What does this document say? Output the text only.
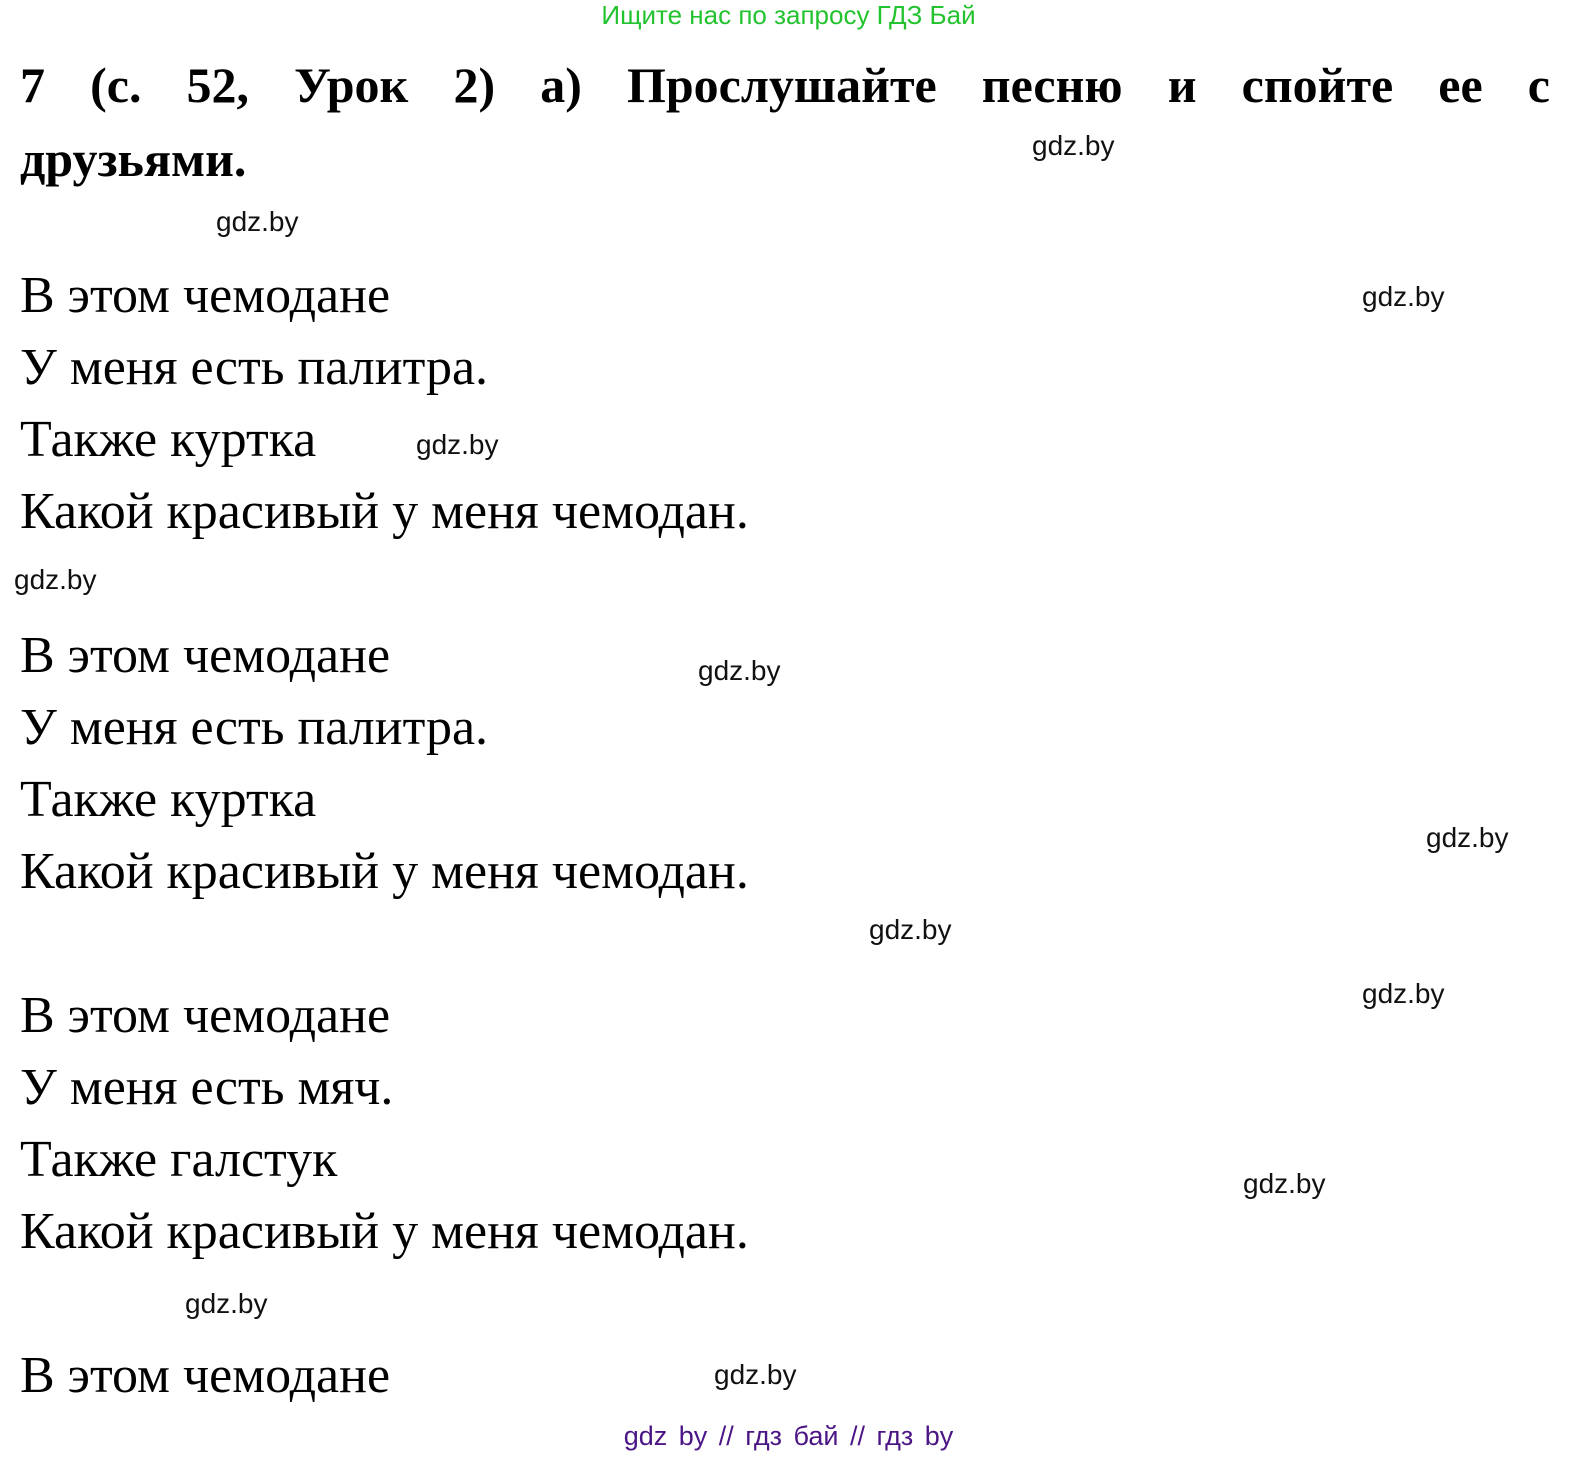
Ищите нас по запросу ГДЗ Бай
7 (с. 52, Урок 2) а) Прослушайте песню и спойте ее с
друзьями.
В этом чемодане
У меня есть палитра.
Также куртка
Какой красивый у меня чемодан.
В этом чемодане
У меня есть палитра.
Также куртка
Какой красивый у меня чемодан.
В этом чемодане
У меня есть мяч.
Также галстук
Какой красивый у меня чемодан.
В этом чемодане
gdz.by
gdz.by
gdz.by
gdz.by
gdz.by
gdz.by
gdz.by
gdz.by
gdz.by
gdz.by
gdz.by
gdz.by
gdz by // гдз бай // гдз by
